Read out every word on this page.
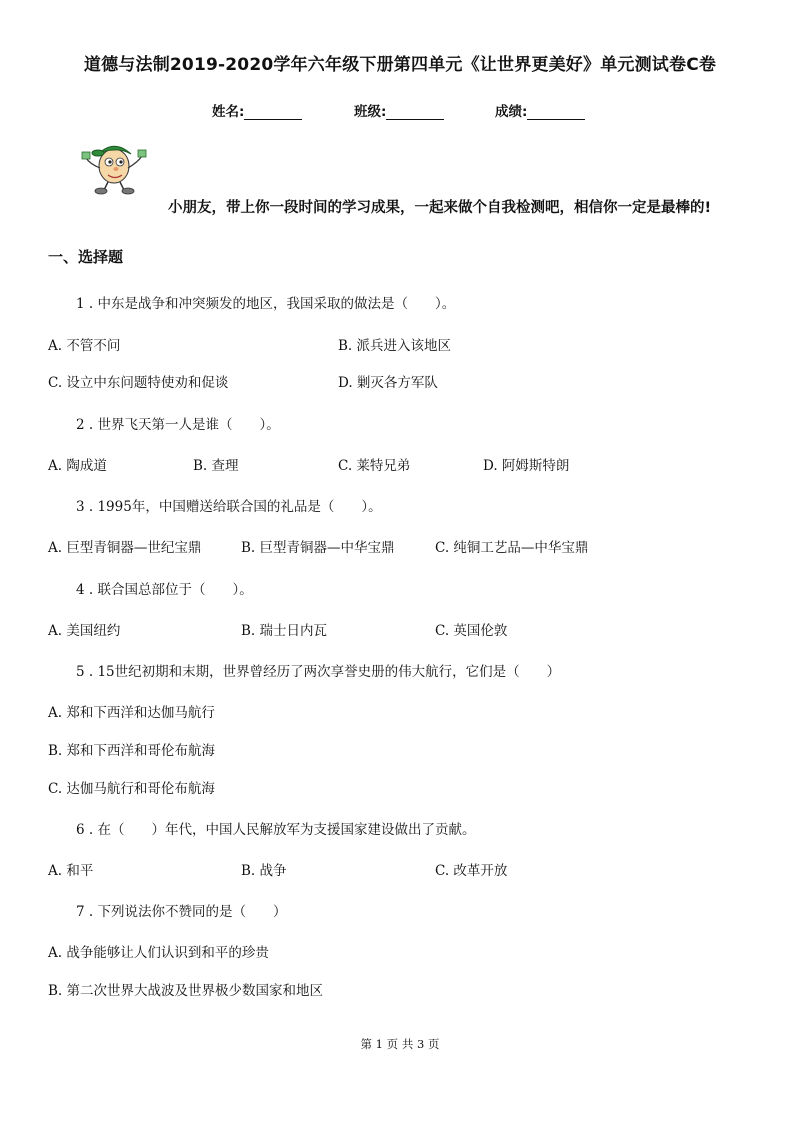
道德与法制2019-2020学年六年级下册第四单元《让世界更美好》单元测试卷C卷
姓名:	班级:	成绩:
小朋友，带上你一段时间的学习成果，一起来做个自我检测吧，相信你一定是最棒的!
一、选择题
1 . 中东是战争和冲突频发的地区，我国采取的做法是（　　）。
A. 不管不问	B. 派兵进入该地区
C. 设立中东问题特使劝和促谈	D. 剿灭各方军队
2 . 世界飞天第一人是谁（　　）。
A. 陶成道	B. 查理	C. 莱特兄弟	D. 阿姆斯特朗
3 . 1995年，中国赠送给联合国的礼品是（　　）。
A. 巨型青铜器—世纪宝鼎	B. 巨型青铜器—中华宝鼎	C. 纯铜工艺品—中华宝鼎
4 . 联合国总部位于（　　）。
A. 美国纽约	B. 瑞士日内瓦	C. 英国伦敦
5 . 15世纪初期和末期，世界曾经历了两次享誉史册的伟大航行，它们是（　　）
A. 郑和下西洋和达伽马航行
B. 郑和下西洋和哥伦布航海
C. 达伽马航行和哥伦布航海
6 . 在（　　）年代，中国人民解放军为支援国家建设做出了贡献。
A. 和平	B. 战争	C. 改革开放
7 . 下列说法你不赞同的是（　　）
A. 战争能够让人们认识到和平的珍贵
B. 第二次世界大战波及世界极少数国家和地区
第 1 页 共 3 页
